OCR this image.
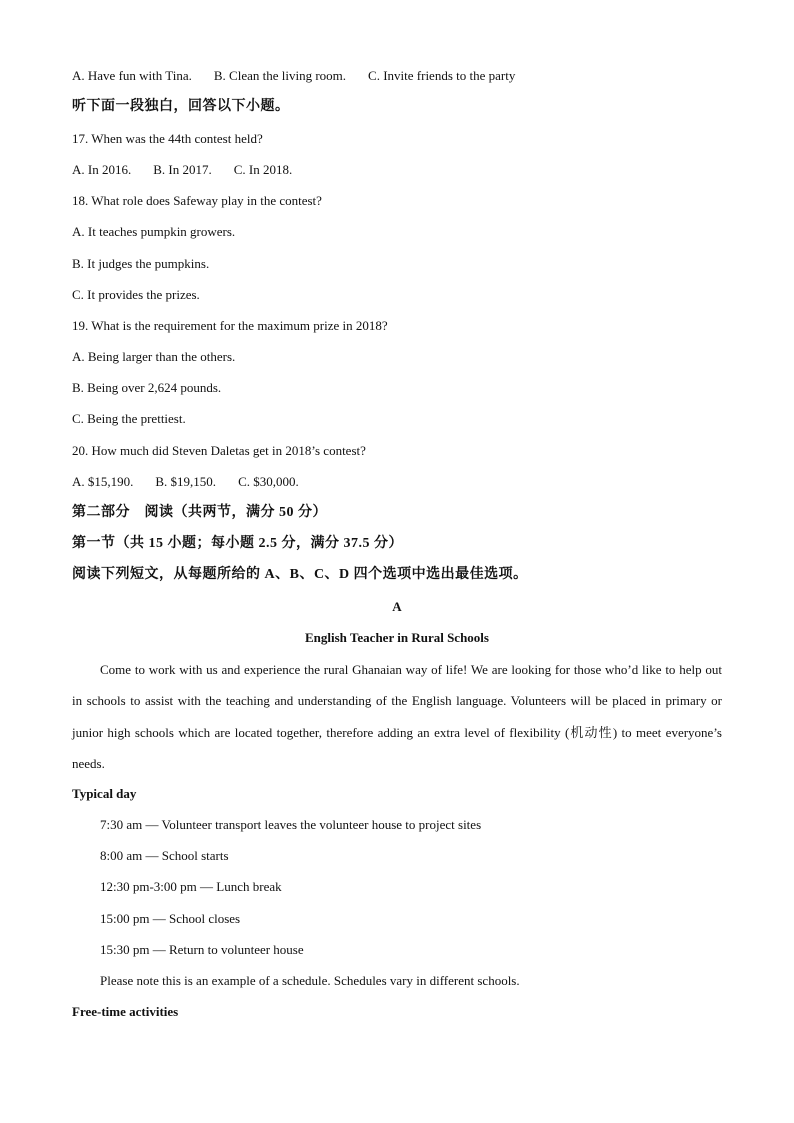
A. Have fun with Tina. B. Clean the living room. C. Invite friends to the party
听下面一段独白，回答以下小题。
17. When was the 44th contest held?
A. In 2016. B. In 2017. C. In 2018.
18. What role does Safeway play in the contest?
A. It teaches pumpkin growers.
B. It judges the pumpkins.
C. It provides the prizes.
19. What is the requirement for the maximum prize in 2018?
A. Being larger than the others.
B. Being over 2,624 pounds.
C. Being the prettiest.
20. How much did Steven Daletas get in 2018’s contest?
A. $15,190. B. $19,150. C. $30,000.
第二部分　阅读（共两节，满分 50 分）
第一节（共 15 小题；每小题 2.5 分，满分 37.5 分）
阅读下列短文，从每题所给的 A、B、C、D 四个选项中选出最佳选项。
A
English Teacher in Rural Schools
Come to work with us and experience the rural Ghanaian way of life! We are looking for those who’d like to help out in schools to assist with the teaching and understanding of the English language. Volunteers will be placed in primary or junior high schools which are located together, therefore adding an extra level of flexibility (机动性) to meet everyone’s needs.
Typical day
7:30 am — Volunteer transport leaves the volunteer house to project sites
8:00 am — School starts
12:30 pm-3:00 pm — Lunch break
15:00 pm — School closes
15:30 pm — Return to volunteer house
Please note this is an example of a schedule. Schedules vary in different schools.
Free-time activities
